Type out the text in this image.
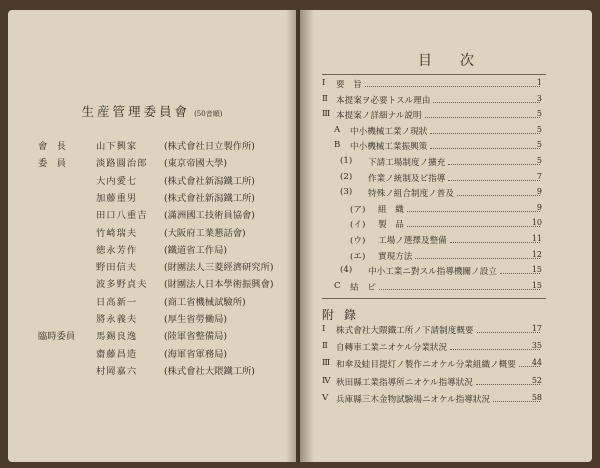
生産管理委員會 (50音順)
會　長	山下興家	(株式會社日立製作所)
委　員	淡路圓治郎 (東京帝國大學)
大内愛七	(株式會社新潟鐵工所)
加藤重男	(株式會社新潟鐵工所)
田口八重吉 (滿洲國工技術員協會)
竹崎瑞夫	(大阪府工業懇話會)
徳永芳作	(鐵道省工作局)
野田信夫	(財團法人三菱經濟研究所)
波多野貞夫 (財團法人日本學術振興會)
日高新一	(商工省機械試驗所)
將永義夫	(厚生省勞働局)
臨時委員 馬錫良逸	(陸軍省整備局)
齋藤昌造	(海軍省軍務局)
村岡嘉六	(株式會社大隈鐵工所)
目次
Ⅰ 要　旨	1
Ⅱ 本提案ヲ必要トスル理由	3
Ⅲ 本提案ノ詳細ナル説明	5
A 中小機械工業ノ現狀	5
B 中小機械工業振興策	5
(1) 下請工場制度ノ擴充	5
(2) 作業ノ統制及ビ指導	7
(3) 特殊ノ組合制度ノ普及	9
(ア) 組　織	9
(イ) 製　品	10
(ウ) 工場ノ選擇及整備	11
(エ) 實現方法	12
(4) 中小工業ニ對スル指導機關ノ設立	15
C 結　ビ	15
附錄
Ⅰ 株式會社大隈鐵工所ノ下請制度概要	17
Ⅱ 自轉車工業ニオケル分業狀況	35
Ⅲ 和傘及蛙目提灯ノ製作ニオケル分業組織ノ概要	44
Ⅳ 秋田縣工業指導所ニオケル指導狀況	52
Ⅴ 兵庫縣三木金物試驗場ニオケル指導狀況	58
